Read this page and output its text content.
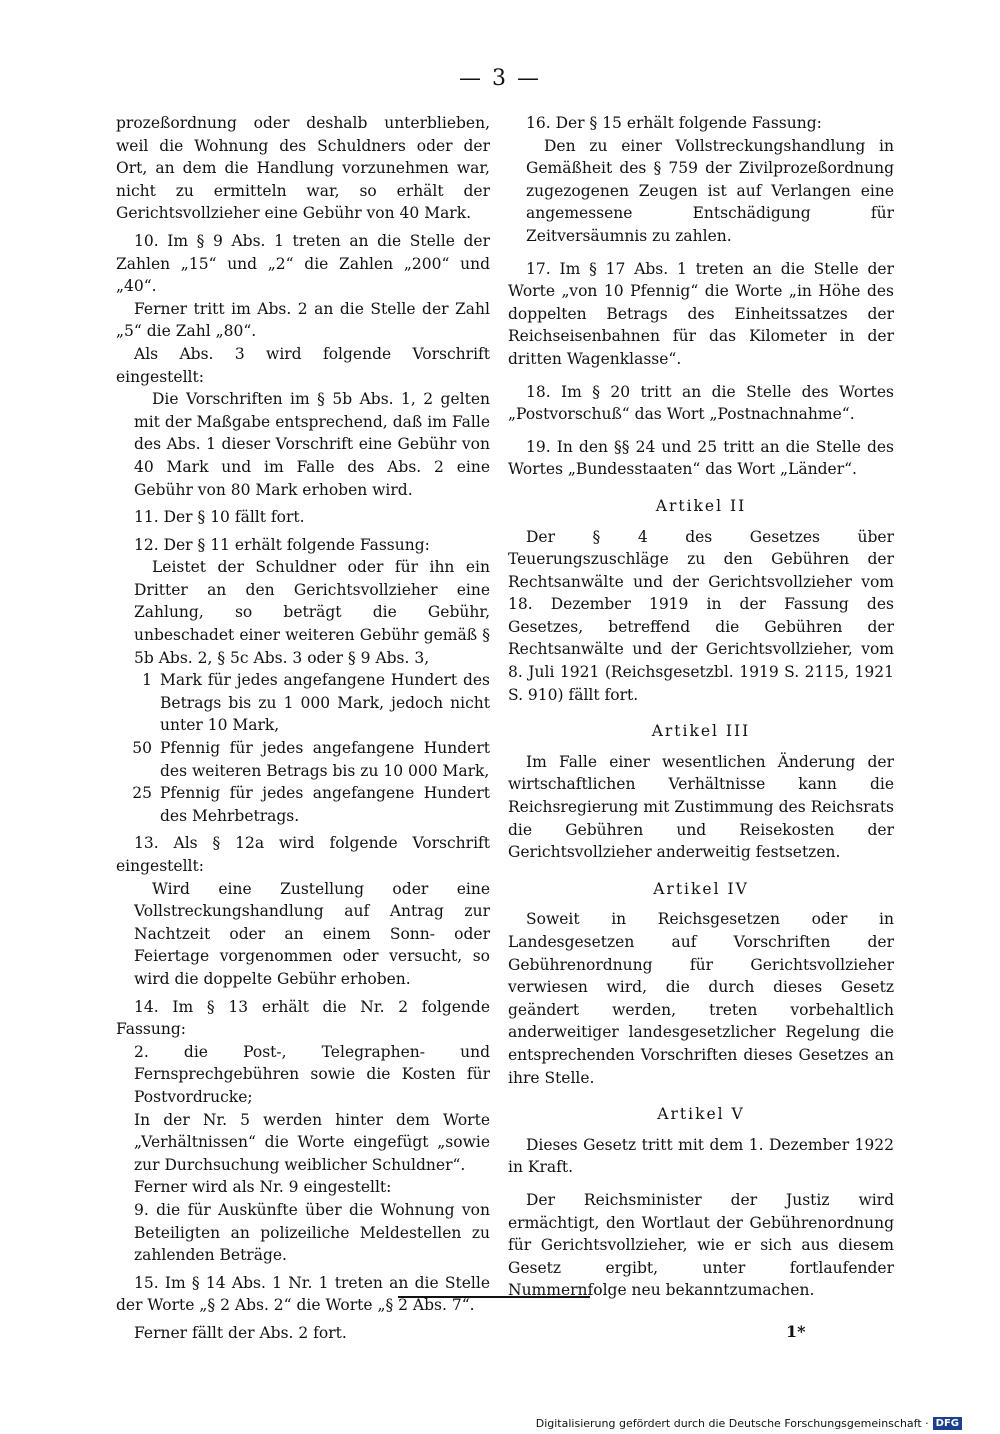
— 3 —

prozeßordnung oder deshalb unterblieben, weil die Wohnung des Schuldners oder der Ort, an dem die Handlung vorzunehmen war, nicht zu ermitteln war, so erhält der Gerichtsvollzieher eine Gebühr von 40 Mark.

10. Im § 9 Abs. 1 treten an die Stelle der Zahlen „15“ und „2“ die Zahlen „200“ und „40“.

Ferner tritt im Abs. 2 an die Stelle der Zahl „5“ die Zahl „80“.

Als Abs. 3 wird folgende Vorschrift eingestellt:

Die Vorschriften im § 5b Abs. 1, 2 gelten mit der Maßgabe entsprechend, daß im Falle des Abs. 1 dieser Vorschrift eine Gebühr von 40 Mark und im Falle des Abs. 2 eine Gebühr von 80 Mark erhoben wird.

11. Der § 10 fällt fort.

12. Der § 11 erhält folgende Fassung:

Leistet der Schuldner oder für ihn ein Dritter an den Gerichtsvollzieher eine Zahlung, so beträgt die Gebühr, unbeschadet einer weiteren Gebühr gemäß § 5b Abs. 2, § 5c Abs. 3 oder § 9 Abs. 3,

1 Mark für jedes angefangene Hundert des Betrags bis zu 1 000 Mark, jedoch nicht unter 10 Mark,
50 Pfennig für jedes angefangene Hundert des weiteren Betrags bis zu 10 000 Mark,
25 Pfennig für jedes angefangene Hundert des Mehrbetrags.

13. Als § 12a wird folgende Vorschrift eingestellt:

Wird eine Zustellung oder eine Vollstreckungshandlung auf Antrag zur Nachtzeit oder an einem Sonn- oder Feiertage vorgenommen oder versucht, so wird die doppelte Gebühr erhoben.

14. Im § 13 erhält die Nr. 2 folgende Fassung:

2. die Post-, Telegraphen- und Fernsprechgebühren sowie die Kosten für Postvordrucke;

In der Nr. 5 werden hinter dem Worte „Verhältnissen“ die Worte eingefügt „sowie zur Durchsuchung weiblicher Schuldner“.

Ferner wird als Nr. 9 eingestellt:

9. die für Auskünfte über die Wohnung von Beteiligten an polizeiliche Meldestellen zu zahlenden Beträge.

15. Im § 14 Abs. 1 Nr. 1 treten an die Stelle der Worte „§ 2 Abs. 2“ die Worte „§ 2 Abs. 7“.

Ferner fällt der Abs. 2 fort.

16. Der § 15 erhält folgende Fassung:

Den zu einer Vollstreckungshandlung in Gemäßheit des § 759 der Zivilprozeßordnung zugezogenen Zeugen ist auf Verlangen eine angemessene Entschädigung für Zeitversäumnis zu zahlen.

17. Im § 17 Abs. 1 treten an die Stelle der Worte „von 10 Pfennig“ die Worte „in Höhe des doppelten Betrags des Einheitssatzes der Reichseisenbahnen für das Kilometer in der dritten Wagenklasse“.

18. Im § 20 tritt an die Stelle des Wortes „Postvorschuß“ das Wort „Postnachnahme“.

19. In den §§ 24 und 25 tritt an die Stelle des Wortes „Bundesstaaten“ das Wort „Länder“.

Artikel II

Der § 4 des Gesetzes über Teuerungszuschläge zu den Gebühren der Rechtsanwälte und der Gerichtsvollzieher vom 18. Dezember 1919 in der Fassung des Gesetzes, betreffend die Gebühren der Rechtsanwälte und der Gerichtsvollzieher, vom 8. Juli 1921 (Reichsgesetzbl. 1919 S. 2115, 1921 S. 910) fällt fort.

Artikel III

Im Falle einer wesentlichen Änderung der wirtschaftlichen Verhältnisse kann die Reichsregierung mit Zustimmung des Reichsrats die Gebühren und Reisekosten der Gerichtsvollzieher anderweitig festsetzen.

Artikel IV

Soweit in Reichsgesetzen oder in Landesgesetzen auf Vorschriften der Gebührenordnung für Gerichtsvollzieher verwiesen wird, die durch dieses Gesetz geändert werden, treten vorbehaltlich anderweitiger landesgesetzlicher Regelung die entsprechenden Vorschriften dieses Gesetzes an ihre Stelle.

Artikel V

Dieses Gesetz tritt mit dem 1. Dezember 1922 in Kraft.

Der Reichsminister der Justiz wird ermächtigt, den Wortlaut der Gebührenordnung für Gerichtsvollzieher, wie er sich aus diesem Gesetz ergibt, unter fortlaufender Nummernfolge neu bekanntzumachen.

1*
Digitalisierung gefördert durch die Deutsche Forschungsgemeinschaft · DFG
